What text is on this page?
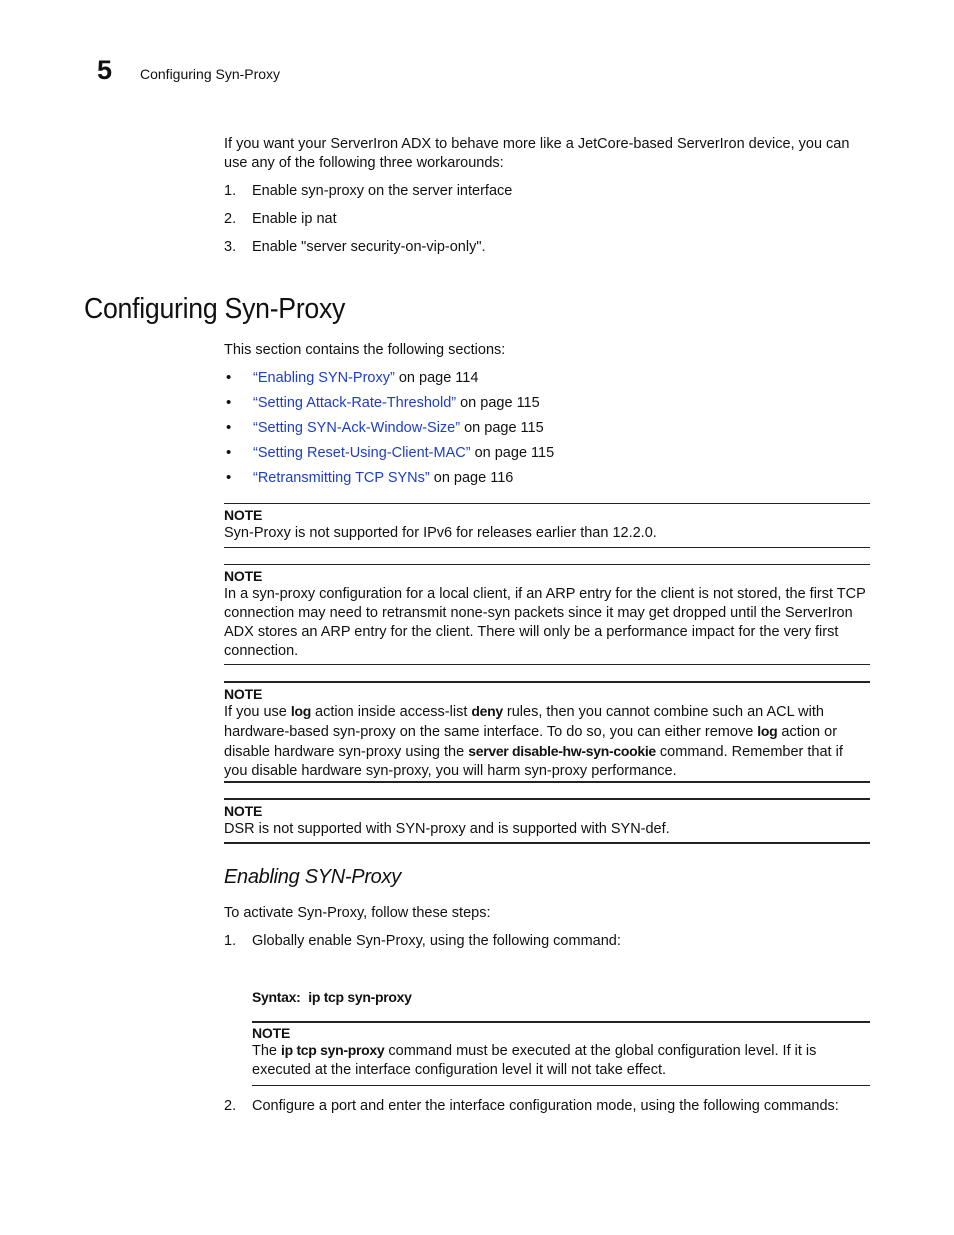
5 Configuring Syn-Proxy
If you want your ServerIron ADX to behave more like a JetCore-based ServerIron device, you can use any of the following three workarounds:
1. Enable syn-proxy on the server interface
2. Enable ip nat
3. Enable "server security-on-vip-only".
Configuring Syn-Proxy
This section contains the following sections:
• “Enabling SYN-Proxy” on page 114
• “Setting Attack-Rate-Threshold” on page 115
• “Setting SYN-Ack-Window-Size” on page 115
• “Setting Reset-Using-Client-MAC” on page 115
• “Retransmitting TCP SYNs” on page 116
NOTE
Syn-Proxy is not supported for IPv6 for releases earlier than 12.2.0.
NOTE
In a syn-proxy configuration for a local client, if an ARP entry for the client is not stored, the first TCP connection may need to retransmit none-syn packets since it may get dropped until the ServerIron ADX stores an ARP entry for the client. There will only be a performance impact for the very first connection.
NOTE
If you use log action inside access-list deny rules, then you cannot combine such an ACL with hardware-based syn-proxy on the same interface. To do so, you can either remove log action or disable hardware syn-proxy using the server disable-hw-syn-cookie command. Remember that if you disable hardware syn-proxy, you will harm syn-proxy performance.
NOTE
DSR is not supported with SYN-proxy and is supported with SYN-def.
Enabling SYN-Proxy
To activate Syn-Proxy, follow these steps:
1. Globally enable Syn-Proxy, using the following command:
Syntax: ip tcp syn-proxy
NOTE
The ip tcp syn-proxy command must be executed at the global configuration level. If it is executed at the interface configuration level it will not take effect.
2. Configure a port and enter the interface configuration mode, using the following commands:
